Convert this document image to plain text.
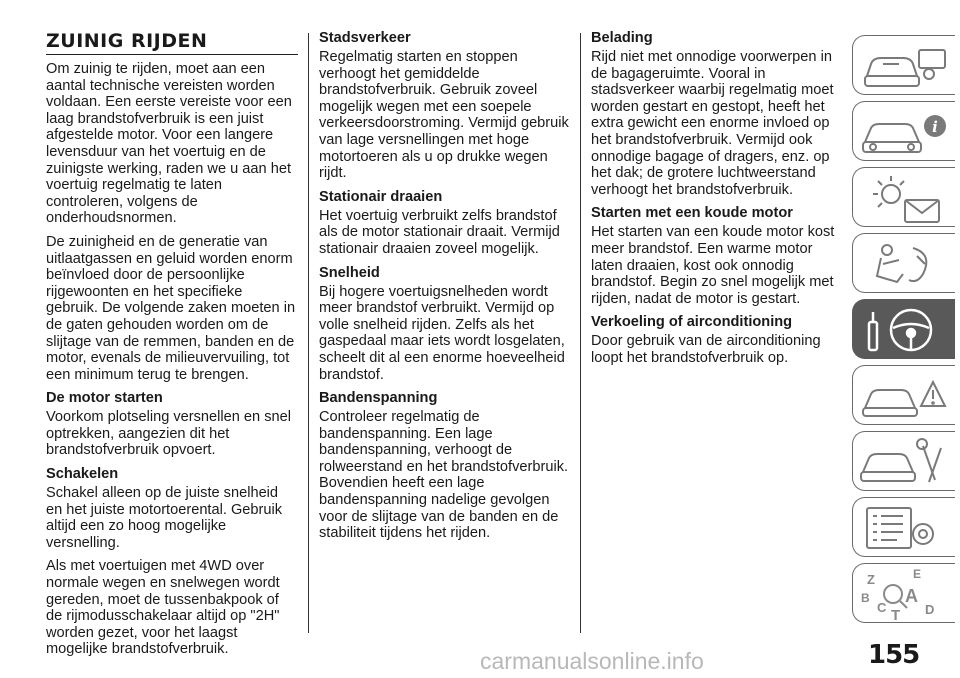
ZUINIG RIJDEN

Om zuinig te rijden, moet aan een aantal technische vereisten worden voldaan. Een eerste vereiste voor een laag brandstofverbruik is een juist afgestelde motor. Voor een langere levensduur van het voertuig en de zuinigste werking, raden we u aan het voertuig regelmatig te laten controleren, volgens de onderhoudsnormen.

De zuinigheid en de generatie van uitlaatgassen en geluid worden enorm beïnvloed door de persoonlijke rijgewoonten en het specifieke gebruik. De volgende zaken moeten in de gaten gehouden worden om de slijtage van de remmen, banden en de motor, evenals de milieuvervuiling, tot een minimum terug te brengen.

De motor starten

Voorkom plotseling versnellen en snel optrekken, aangezien dit het brandstofverbruik opvoert.

Schakelen

Schakel alleen op de juiste snelheid en het juiste motortoerental. Gebruik altijd een zo hoog mogelijke versnelling.

Als met voertuigen met 4WD over normale wegen en snelwegen wordt gereden, moet de tussenbakpook of de rijmodusschakelaar altijd op "2H" worden gezet, voor het laagst mogelijke brandstofverbruik.

Stadsverkeer

Regelmatig starten en stoppen verhoogt het gemiddelde brandstofverbruik. Gebruik zoveel mogelijk wegen met een soepele verkeersdoorstroming. Vermijd gebruik van lage versnellingen met hoge motortoeren als u op drukke wegen rijdt.

Stationair draaien

Het voertuig verbruikt zelfs brandstof als de motor stationair draait. Vermijd stationair draaien zoveel mogelijk.

Snelheid

Bij hogere voertuigsnelheden wordt meer brandstof verbruikt. Vermijd op volle snelheid rijden. Zelfs als het gaspedaal maar iets wordt losgelaten, scheelt dit al een enorme hoeveelheid brandstof.

Bandenspanning

Controleer regelmatig de bandenspanning. Een lage bandenspanning, verhoogt de rolweerstand en het brandstofverbruik. Bovendien heeft een lage bandenspanning nadelige gevolgen voor de slijtage van de banden en de stabiliteit tijdens het rijden.

Belading

Rijd niet met onnodige voorwerpen in de bagageruimte. Vooral in stadsverkeer waarbij regelmatig moet worden gestart en gestopt, heeft het extra gewicht een enorme invloed op het brandstofverbruik. Vermijd ook onnodige bagage of dragers, enz. op het dak; de grotere luchtweerstand verhoogt het brandstofverbruik.

Starten met een koude motor

Het starten van een koude motor kost meer brandstof. Een warme motor laten draaien, kost ook onnodig brandstof. Begin zo snel mogelijk met rijden, nadat de motor is gestart.

Verkoeling of airconditioning

Door gebruik van de airconditioning loopt het brandstofverbruik op.

i
Z	E
B A
C T D
carmanualsonline.info	155
